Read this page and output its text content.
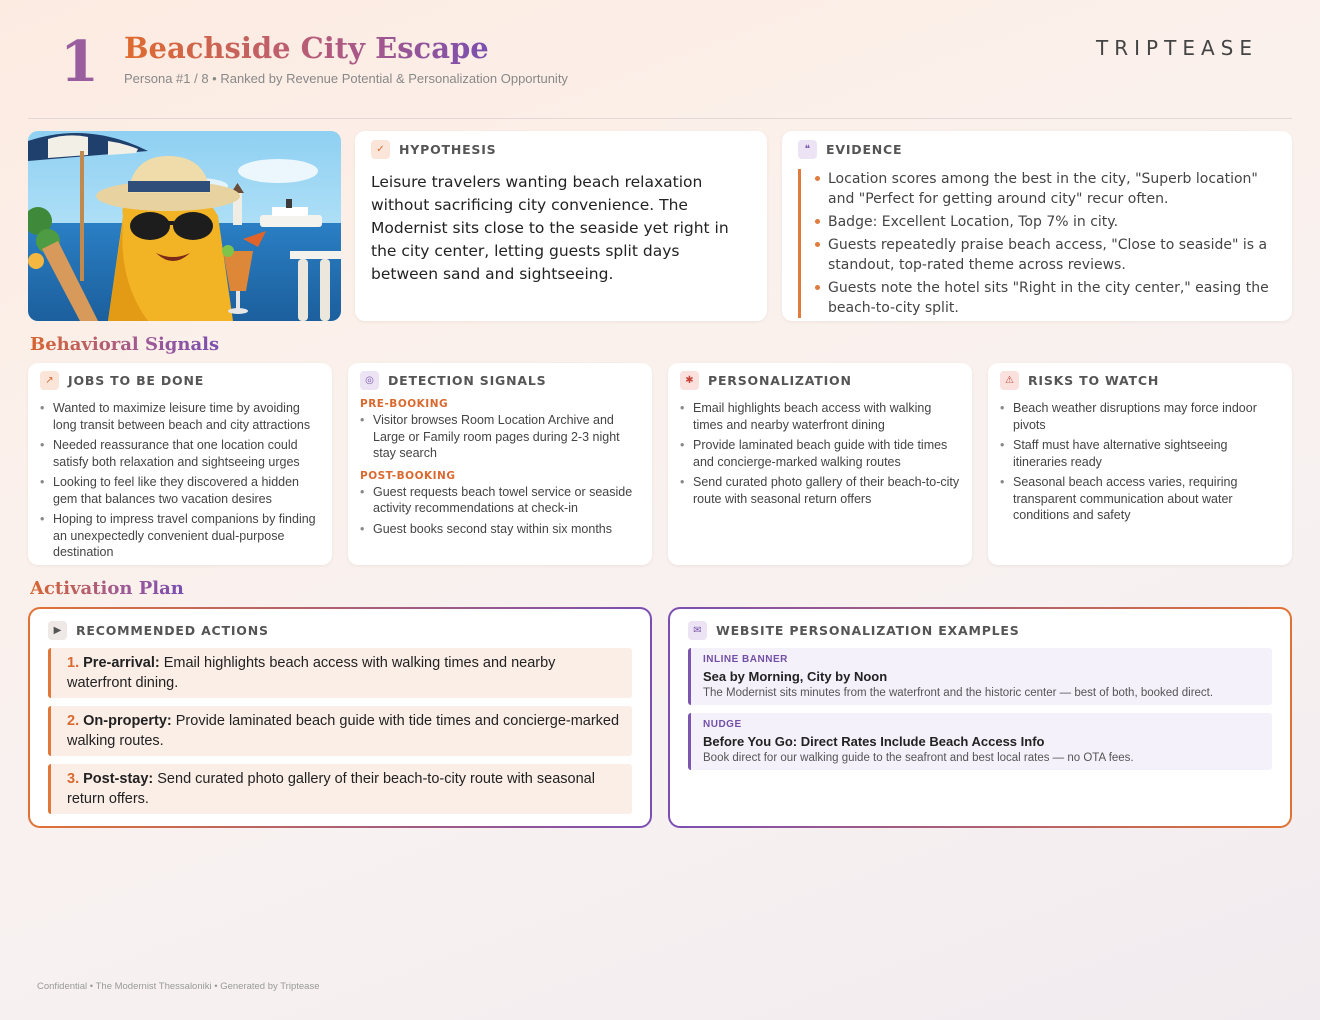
1 Beachside City Escape
Persona #1 / 8 • Ranked by Revenue Potential & Personalization Opportunity
TRIPTEASE
✓	HYPOTHESIS
Leisure travelers wanting beach relaxation without sacrificing city convenience. The Modernist sits close to the seaside yet right in the city center, letting guests split days between sand and sightseeing.
❝	EVIDENCE
Location scores among the best in the city, "Superb location" and "Perfect for getting around city" recur often.
Badge: Excellent Location, Top 7% in city.
Guests repeatedly praise beach access, "Close to seaside" is a standout, top-rated theme across reviews.
Guests note the hotel sits "Right in the city center," easing the beach-to-city split.
Behavioral Signals
↗	JOBS TO BE DONE
• Wanted to maximize leisure time by avoiding long transit between beach and city attractions
• Needed reassurance that one location could satisfy both relaxation and sightseeing urges
• Looking to feel like they discovered a hidden gem that balances two vacation desires
• Hoping to impress travel companions by finding an unexpectedly convenient dual-purpose destination
◎	DETECTION SIGNALS
PRE-BOOKING
• Visitor browses Room Location Archive and Large or Family room pages during 2-3 night stay search
POST-BOOKING
• Guest requests beach towel service or seaside activity recommendations at check-in
• Guest books second stay within six months
✱	PERSONALIZATION
• Email highlights beach access with walking times and nearby waterfront dining
• Provide laminated beach guide with tide times and concierge-marked walking routes
• Send curated photo gallery of their beach-to-city route with seasonal return offers
⚠	RISKS TO WATCH
• Beach weather disruptions may force indoor pivots
• Staff must have alternative sightseeing itineraries ready
• Seasonal beach access varies, requiring transparent communication about water conditions and safety
Activation Plan
▶	RECOMMENDED ACTIONS
1. Pre-arrival: Email highlights beach access with walking times and nearby waterfront dining.
2. On-property: Provide laminated beach guide with tide times and concierge-marked walking routes.
3. Post-stay: Send curated photo gallery of their beach-to-city route with seasonal return offers.
✉	WEBSITE PERSONALIZATION EXAMPLES
INLINE BANNER
Sea by Morning, City by Noon
The Modernist sits minutes from the waterfront and the historic center — best of both, booked direct.
NUDGE
Before You Go: Direct Rates Include Beach Access Info
Book direct for our walking guide to the seafront and best local rates — no OTA fees.
Confidential • The Modernist Thessaloniki • Generated by Triptease
